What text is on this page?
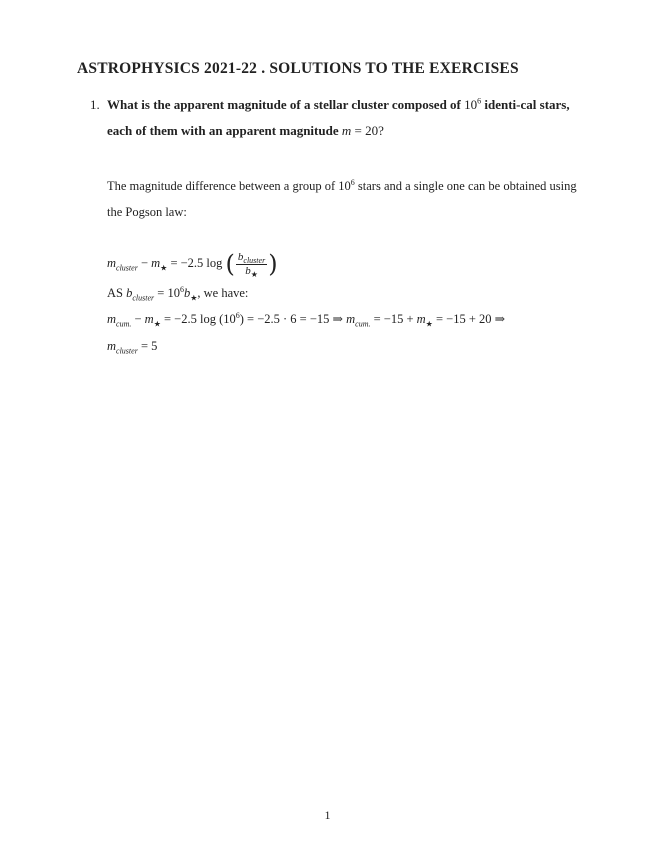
ASTROPHYSICS 2021-22 . SOLUTIONS TO THE EXERCISES
1. What is the apparent magnitude of a stellar cluster composed of $10^6$ identi-cal stars, each of them with an apparent magnitude m = 20?
The magnitude difference between a group of $10^6$ stars and a single one can be obtained using the Pogson law:
$m_{cluster} - m_★ = -2.5$ log ( $\frac{b_{cluster}}{b_★}$ )
AS $b_{cluster} = 10^6b_★$, we have:
$m_{cum.} - m_★ = -2.5$ $\log (10^6) = -2.5 \cdot 6 = -15$ ⇒ $m_{cum.} = -15 + m_★ = -15 + 20$ ⇒
$m_{cluster} = 5$
1
